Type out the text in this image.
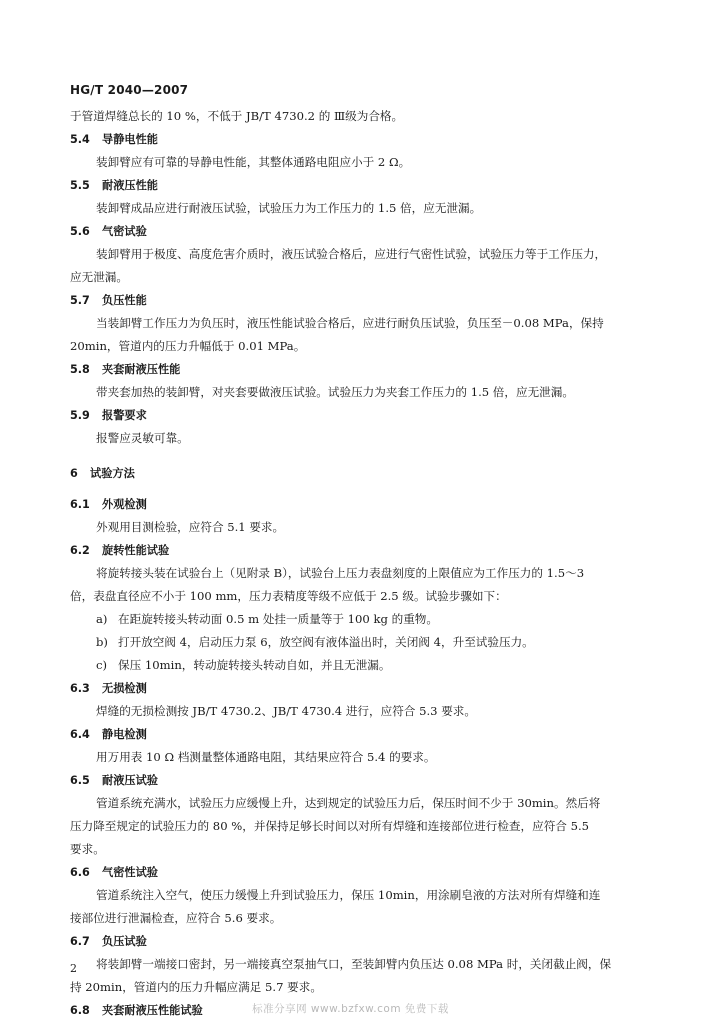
HG/T 2040—2007
于管道焊缝总长的 10 %，不低于 JB/T 4730.2 的 Ⅲ级为合格。
5.4 导静电性能
装卸臂应有可靠的导静电性能，其整体通路电阻应小于 2 Ω。
5.5 耐液压性能
装卸臂成品应进行耐液压试验，试验压力为工作压力的 1.5 倍，应无泄漏。
5.6 气密试验
装卸臂用于极度、高度危害介质时，液压试验合格后，应进行气密性试验，试验压力等于工作压力，
应无泄漏。
5.7 负压性能
当装卸臂工作压力为负压时，液压性能试验合格后，应进行耐负压试验，负压至－0.08 MPa，保持
20min，管道内的压力升幅低于 0.01 MPa。
5.8 夹套耐液压性能
带夹套加热的装卸臂，对夹套要做液压试验。试验压力为夹套工作压力的 1.5 倍，应无泄漏。
5.9 报警要求
报警应灵敏可靠。
6 试验方法
6.1 外观检测
外观用目测检验，应符合 5.1 要求。
6.2 旋转性能试验
将旋转接头装在试验台上（见附录 B），试验台上压力表盘刻度的上限值应为工作压力的 1.5～3
倍，表盘直径应不小于 100 mm，压力表精度等级不应低于 2.5 级。试验步骤如下：
a) 在距旋转接头转动面 0.5 m 处挂一质量等于 100 kg 的重物。
b) 打开放空阀 4，启动压力泵 6，放空阀有液体溢出时，关闭阀 4，升至试验压力。
c) 保压 10min，转动旋转接头转动自如，并且无泄漏。
6.3 无损检测
焊缝的无损检测按 JB/T 4730.2、JB/T 4730.4 进行，应符合 5.3 要求。
6.4 静电检测
用万用表 10 Ω 档测量整体通路电阻，其结果应符合 5.4 的要求。
6.5 耐液压试验
管道系统充满水，试验压力应缓慢上升，达到规定的试验压力后，保压时间不少于 30min。然后将
压力降至规定的试验压力的 80 %，并保持足够长时间以对所有焊缝和连接部位进行检查，应符合 5.5
要求。
6.6 气密性试验
管道系统注入空气，使压力缓慢上升到试验压力，保压 10min，用涂刷皂液的方法对所有焊缝和连
接部位进行泄漏检查，应符合 5.6 要求。
6.7 负压试验
将装卸臂一端接口密封，另一端接真空泵抽气口，至装卸臂内负压达 0.08 MPa 时，关闭截止阀，保
持 20min，管道内的压力升幅应满足 5.7 要求。
6.8 夹套耐液压性能试验
2
标准分享网 www.bzfxw.com 免费下载
